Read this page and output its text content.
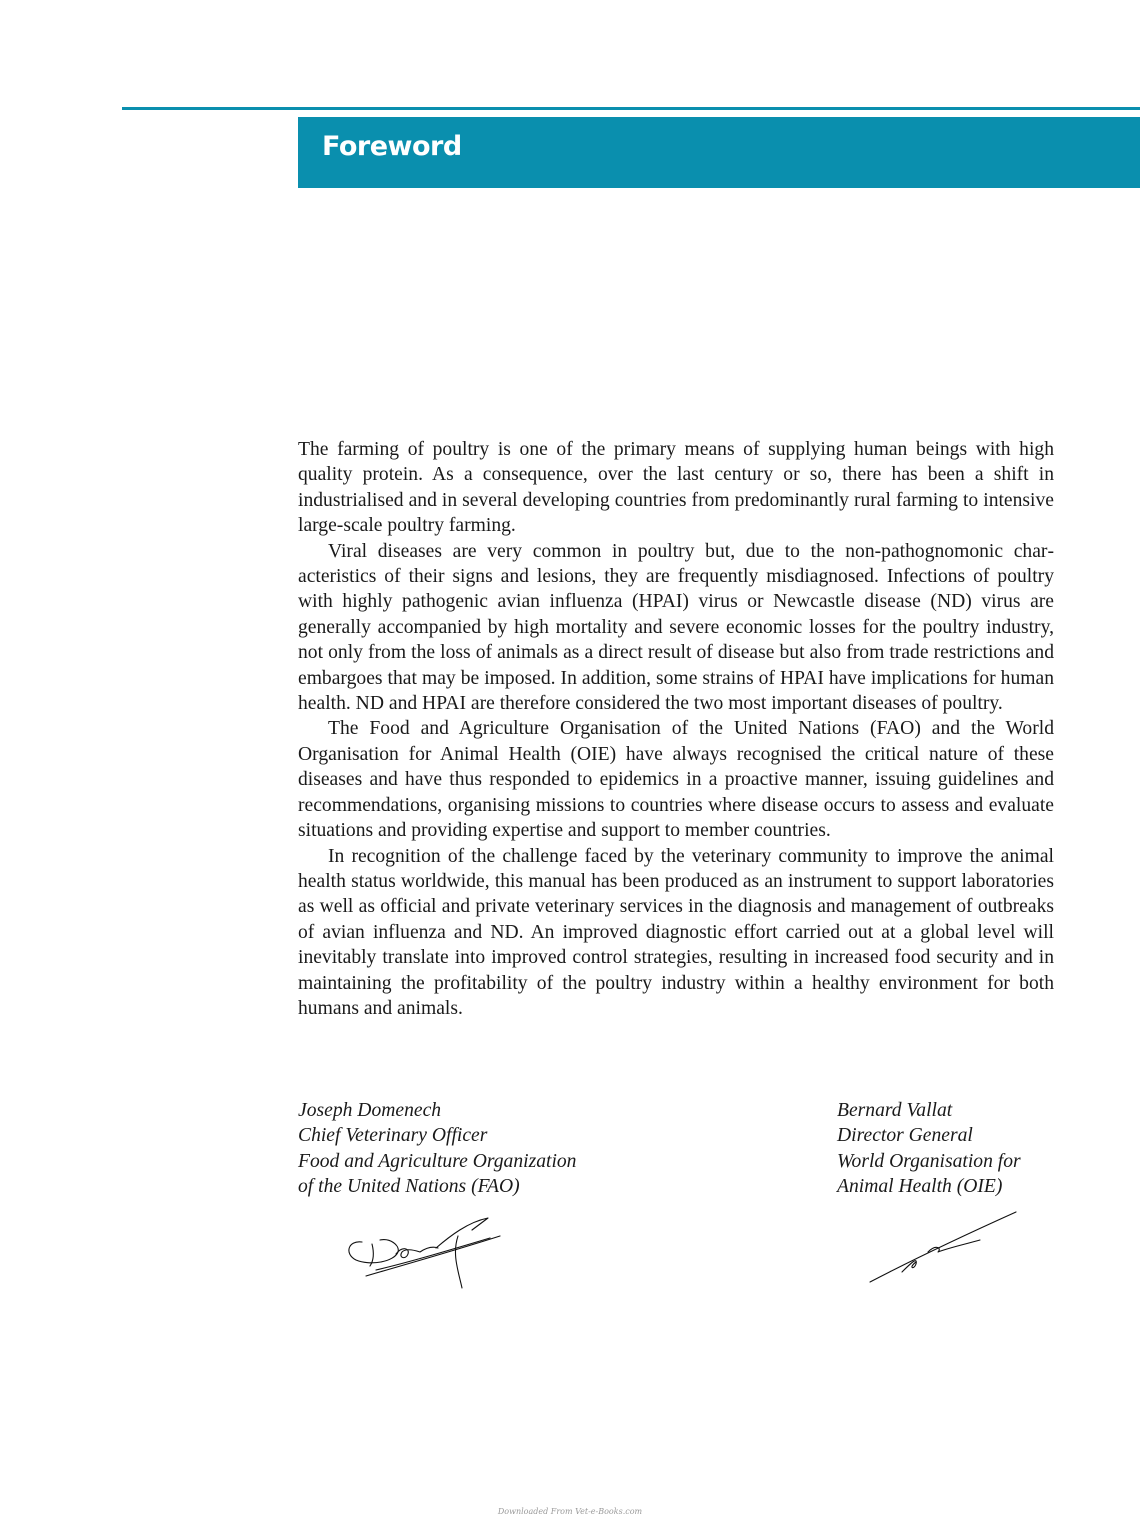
Foreword

The farming of poultry is one of the primary means of supplying human beings with high quality protein. As a consequence, over the last century or so, there has been a shift in industrialised and in several developing countries from predominantly rural farming to intensive large-scale poultry farming.

Viral diseases are very common in poultry but, due to the non-pathognomonic characteristics of their signs and lesions, they are frequently misdiagnosed. Infections of poultry with highly pathogenic avian influenza (HPAI) virus or Newcastle disease (ND) virus are generally accompanied by high mortality and severe economic losses for the poultry industry, not only from the loss of animals as a direct result of disease but also from trade restrictions and embargoes that may be imposed. In addition, some strains of HPAI have implications for human health. ND and HPAI are therefore considered the two most important diseases of poultry.

The Food and Agriculture Organisation of the United Nations (FAO) and the World Organisation for Animal Health (OIE) have always recognised the critical nature of these diseases and have thus responded to epidemics in a proactive manner, issuing guidelines and recommendations, organising missions to countries where disease occurs to assess and evaluate situations and providing expertise and support to member countries.

In recognition of the challenge faced by the veterinary community to improve the animal health status worldwide, this manual has been produced as an instrument to support laboratories as well as official and private veterinary services in the diagnosis and management of outbreaks of avian influenza and ND. An improved diagnostic effort carried out at a global level will inevitably translate into improved control strategies, resulting in increased food security and in maintaining the profitability of the poultry industry within a healthy environment for both humans and animals.

Joseph Domenech
Chief Veterinary Officer
Food and Agriculture Organization
of the United Nations (FAO)
Bernard Vallat
Director General
World Organisation for
Animal Health (OIE)
Downloaded From Vet-e-Books.com
